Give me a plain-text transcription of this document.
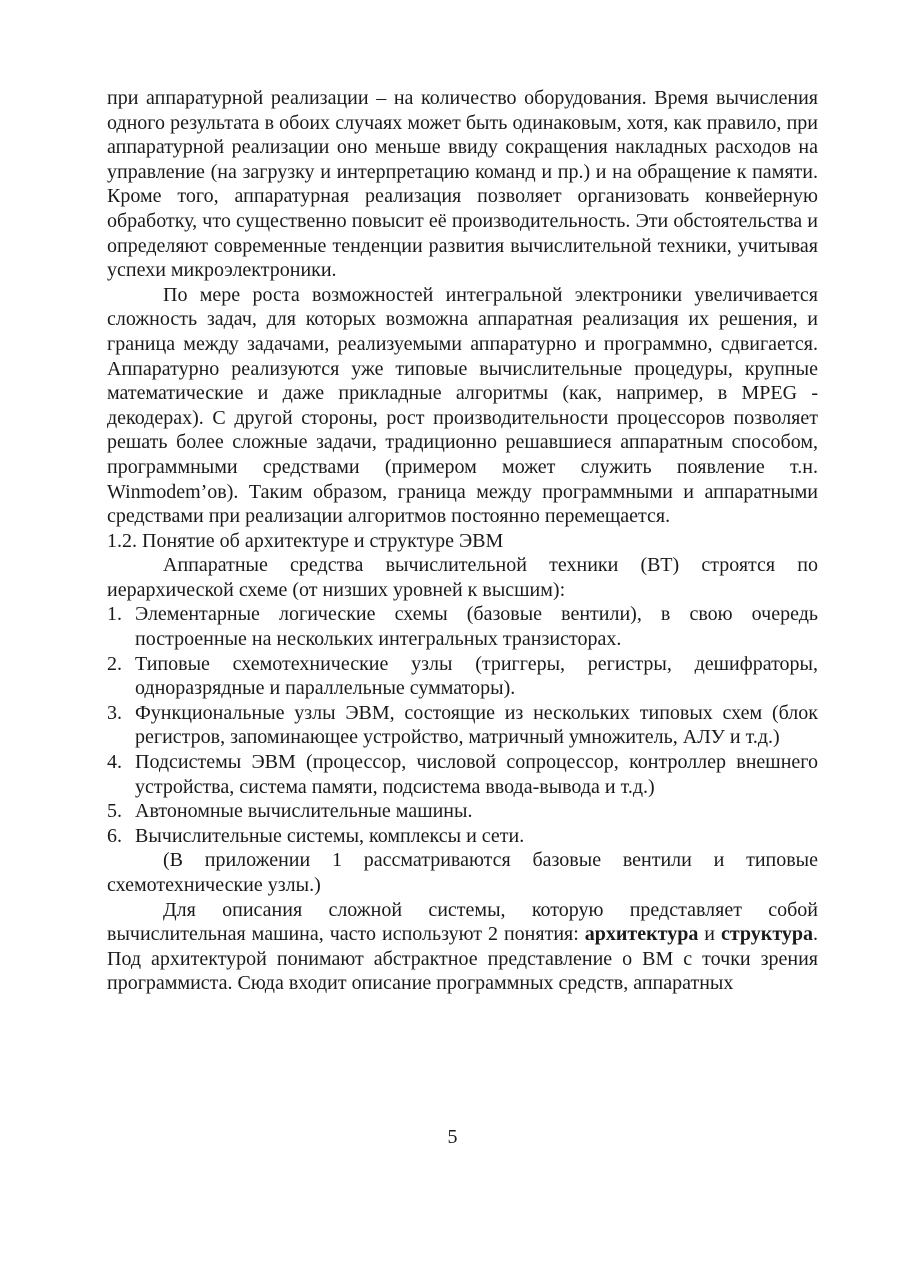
при аппаратурной реализации – на количество оборудования. Время вычисления одного результата в обоих случаях может быть одинаковым, хотя, как правило, при аппаратурной реализации оно меньше ввиду сокращения накладных расходов на управление (на загрузку и интерпретацию команд и пр.) и на обращение к памяти. Кроме того, аппаратурная реализация позволяет организовать конвейерную обработку, что существенно повысит её производительность. Эти обстоятельства и определяют современные тенденции развития вычислительной техники, учитывая успехи микроэлектроники.

По мере роста возможностей интегральной электроники увеличивается сложность задач, для которых возможна аппаратная реализация их решения, и граница между задачами, реализуемыми аппаратурно и программно, сдвигается. Аппаратурно реализуются уже типовые вычислительные процедуры, крупные математические и даже прикладные алгоритмы (как, например, в MPEG - декодерах). С другой стороны, рост производительности процессоров позволяет решать более сложные задачи, традиционно решавшиеся аппаратным способом, программными средствами (примером может служить появление т.н. Winmodem’ов). Таким образом, граница между программными и аппаратными средствами при реализации алгоритмов постоянно перемещается.

1.2. Понятие об архитектуре и структуре ЭВМ

Аппаратные средства вычислительной техники (ВТ) строятся по иерархической схеме (от низших уровней к высшим):

1. Элементарные логические схемы (базовые вентили), в свою очередь построенные на нескольких интегральных транзисторах.
2. Типовые схемотехнические узлы (триггеры, регистры, дешифраторы, одноразрядные и параллельные сумматоры).
3. Функциональные узлы ЭВМ, состоящие из нескольких типовых схем (блок регистров, запоминающее устройство, матричный умножитель, АЛУ и т.д.)
4. Подсистемы ЭВМ (процессор, числовой сопроцессор, контроллер внешнего устройства, система памяти, подсистема ввода-вывода и т.д.)
5. Автономные вычислительные машины.
6. Вычислительные системы, комплексы и сети.

(В приложении 1 рассматриваются базовые вентили и типовые схемотехнические узлы.)

Для описания сложной системы, которую представляет собой вычислительная машина, часто используют 2 понятия: архитектура и структура. Под архитектурой понимают абстрактное представление о ВМ с точки зрения программиста. Сюда входит описание программных средств, аппаратных

5
